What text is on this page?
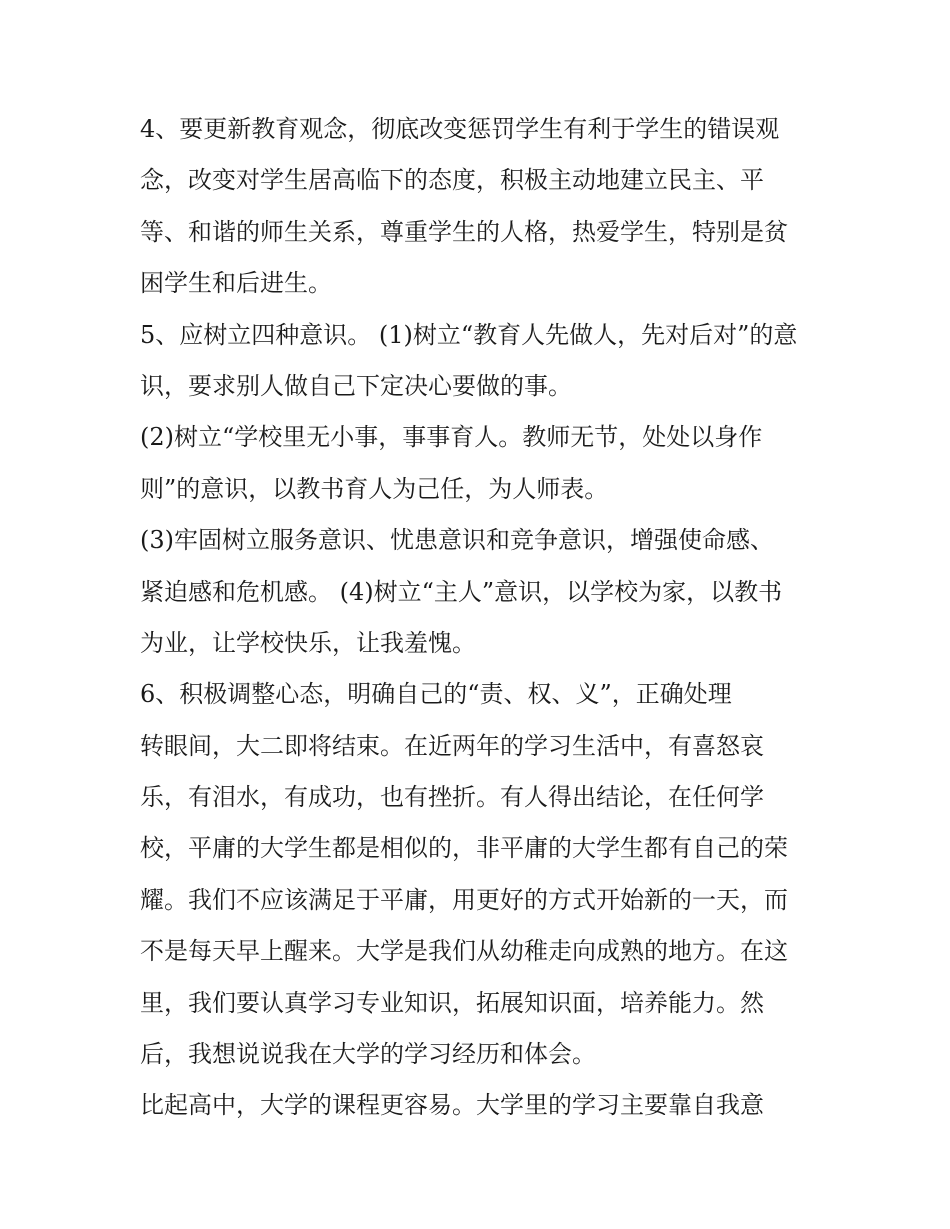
4、要更新教育观念，彻底改变惩罚学生有利于学生的错误观
念，改变对学生居高临下的态度，积极主动地建立民主、平
等、和谐的师生关系，尊重学生的人格，热爱学生，特别是贫
困学生和后进生。
5、应树立四种意识。 (1)树立“教育人先做人，先对后对”的意
识，要求别人做自己下定决心要做的事。
(2)树立“学校里无小事，事事育人。教师无节，处处以身作
则”的意识，以教书育人为己任，为人师表。
(3)牢固树立服务意识、忧患意识和竞争意识，增强使命感、
紧迫感和危机感。 (4)树立“主人”意识，以学校为家，以教书
为业，让学校快乐，让我羞愧。
6、积极调整心态，明确自己的“责、权、义”，正确处理
转眼间，大二即将结束。在近两年的学习生活中，有喜怒哀
乐，有泪水，有成功，也有挫折。有人得出结论，在任何学
校，平庸的大学生都是相似的，非平庸的大学生都有自己的荣
耀。我们不应该满足于平庸，用更好的方式开始新的一天，而
不是每天早上醒来。大学是我们从幼稚走向成熟的地方。在这
里，我们要认真学习专业知识，拓展知识面，培养能力。然
后，我想说说我在大学的学习经历和体会。
比起高中，大学的课程更容易。大学里的学习主要靠自我意
